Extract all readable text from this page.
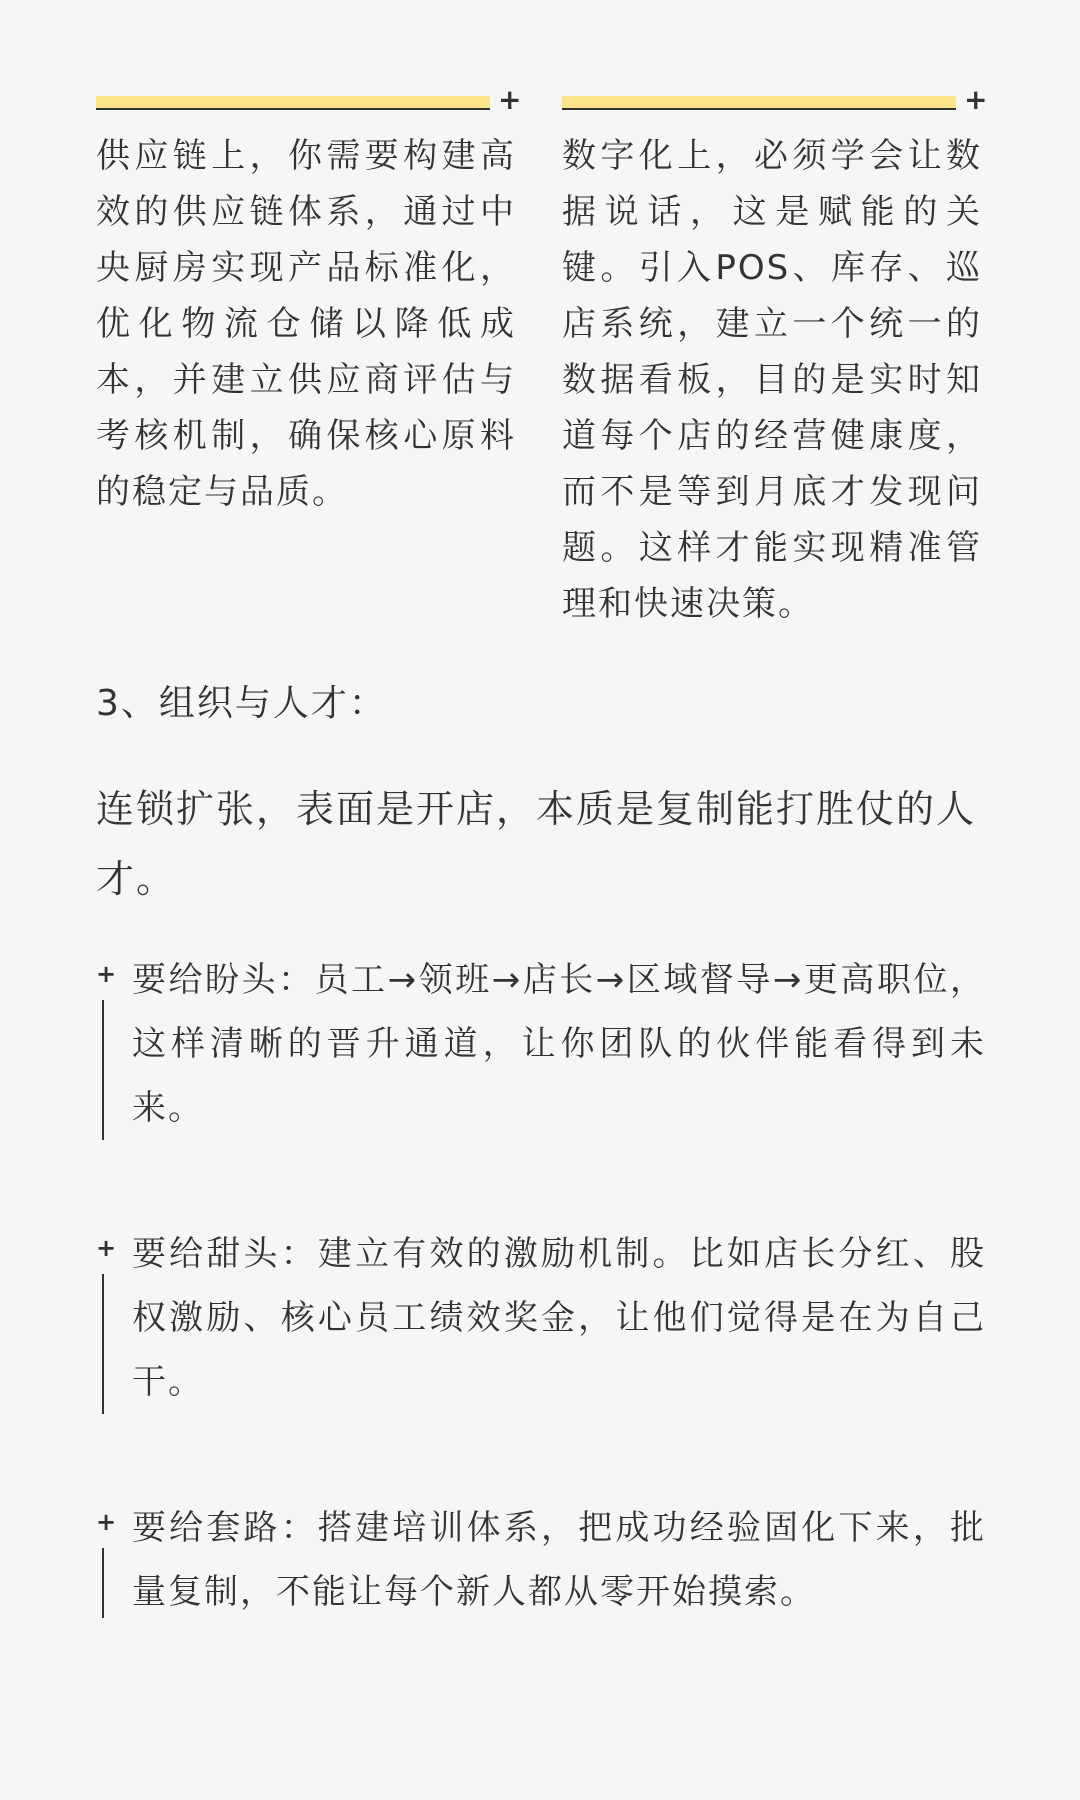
+

供应链上，你需要构建高效的供应链体系，通过中央厨房实现产品标准化，优化物流仓储以降低成本，并建立供应商评估与考核机制，确保核心原料的稳定与品质。

+

数字化上，必须学会让数据说话，这是赋能的关键。引入POS、库存、巡店系统，建立一个统一的数据看板，目的是实时知道每个店的经营健康度，而不是等到月底才发现问题。这样才能实现精准管理和快速决策。

3、组织与人才：

连锁扩张，表面是开店，本质是复制能打胜仗的人才。

+ 要给盼头：员工→领班→店长→区域督导→更高职位，这样清晰的晋升通道，让你团队的伙伴能看得到未来。

+ 要给甜头：建立有效的激励机制。比如店长分红、股权激励、核心员工绩效奖金，让他们觉得是在为自己干。

+ 要给套路：搭建培训体系，把成功经验固化下来，批量复制，不能让每个新人都从零开始摸索。
